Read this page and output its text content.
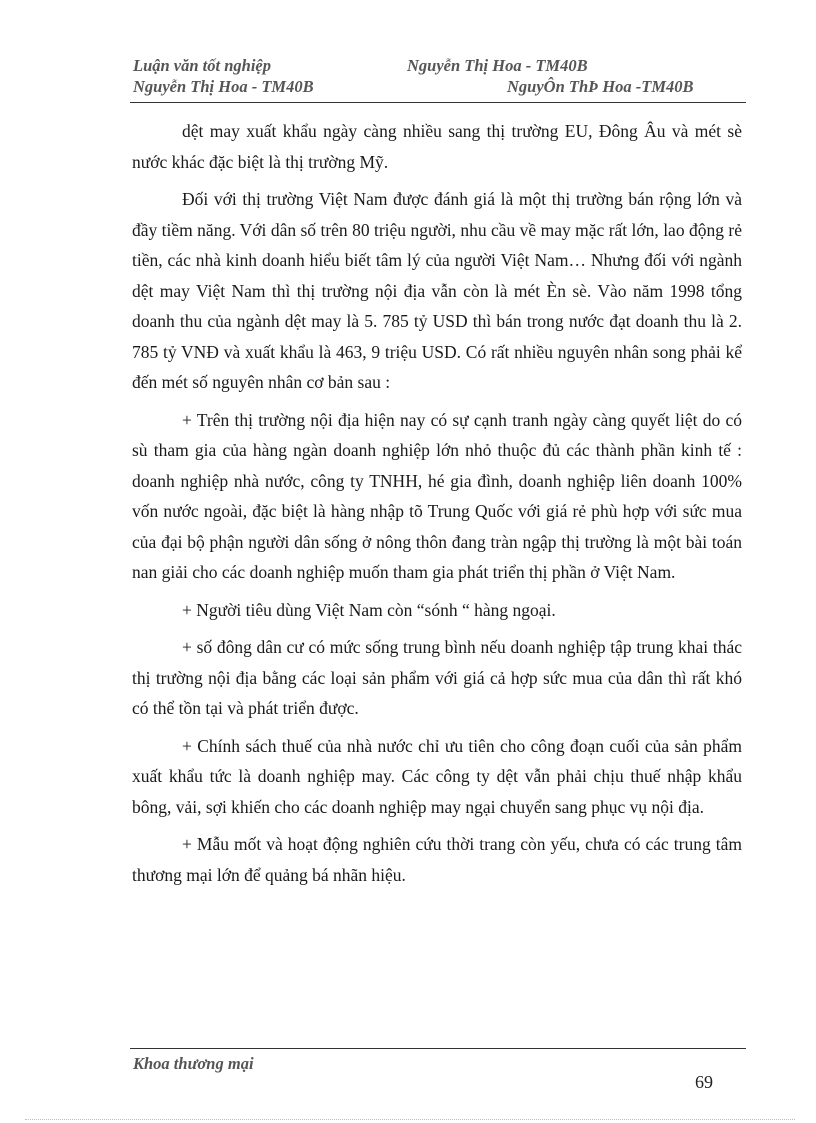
Luận văn tốt nghiệp	Nguyễn Thị Hoa - TM40B
Nguyễn Thị Hoa - TM40B	NguyÔn ThÞ Hoa -TM40B

dệt may xuất khẩu ngày càng nhiều sang thị trường EU, Đông Âu và mét sè nước khác đặc biệt là thị trường Mỹ.

Đối với thị trường Việt Nam được đánh giá là một thị trường bán rộng lớn và đầy tiềm năng. Với dân số trên 80 triệu người, nhu cầu về may mặc rất lớn, lao động rẻ tiền, các nhà kinh doanh hiểu biết tâm lý của người Việt Nam… Nhưng đối với ngành dệt may Việt Nam thì thị trường nội địa vẫn còn là mét Èn sè. Vào năm 1998 tổng doanh thu của ngành dệt may là 5. 785 tỷ USD thì bán trong nước đạt doanh thu là 2. 785 tỷ VNĐ và xuất khẩu là 463, 9 triệu USD. Có rất nhiều nguyên nhân song phải kể đến mét số nguyên nhân cơ bản sau :

+ Trên thị trường nội địa hiện nay có sự cạnh tranh ngày càng quyết liệt do có sù tham gia của hàng ngàn doanh nghiệp lớn nhỏ thuộc đủ các thành phần kinh tế : doanh nghiệp nhà nước, công ty TNHH, hé gia đình, doanh nghiệp liên doanh 100% vốn nước ngoài, đặc biệt là hàng nhập tõ Trung Quốc với giá rẻ phù hợp với sức mua của đại bộ phận người dân sống ở nông thôn đang tràn ngập thị trường là một bài toán nan giải cho các doanh nghiệp muốn tham gia phát triển thị phần ở Việt Nam.

+ Người tiêu dùng Việt Nam còn “sónh “ hàng ngoại.

+ số đông dân cư có mức sống trung bình nếu doanh nghiệp tập trung khai thác thị trường nội địa bằng các loại sản phẩm với giá cả hợp sức mua của dân thì rất khó có thể tồn tại và phát triển được.

+ Chính sách thuế của nhà nước chỉ ưu tiên cho công đoạn cuối của sản phẩm xuất khẩu tức là doanh nghiệp may. Các công ty dệt vẫn phải chịu thuế nhập khẩu bông, vải, sợi khiến cho các doanh nghiệp may ngại chuyển sang phục vụ nội địa.

+ Mẫu mốt và hoạt động nghiên cứu thời trang còn yếu, chưa có các trung tâm thương mại lớn để quảng bá nhãn hiệu.

Khoa thương mại
69
